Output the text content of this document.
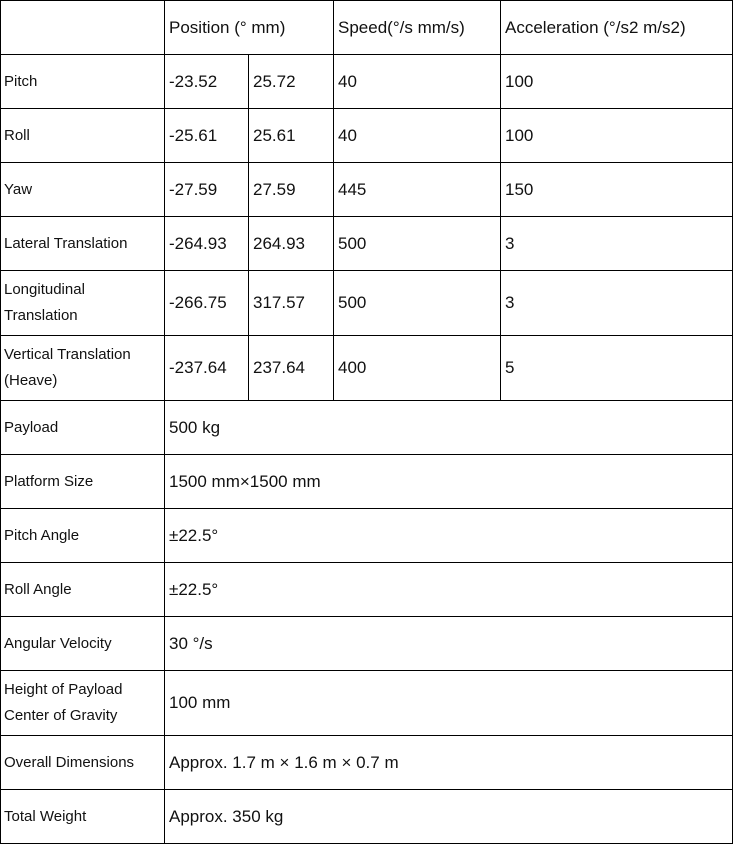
	Position (° mm)		Speed(°/s mm/s)	Acceleration (°/s2 m/s2)
Pitch	-23.52	25.72	40	100
Roll	-25.61	25.61	40	100
Yaw	-27.59	27.59	445	150
Lateral Translation	-264.93	264.93	500	3
Longitudinal Translation	-266.75	317.57	500	3
Vertical Translation (Heave)	-237.64	237.64	400	5
Payload	500 kg			
Platform Size	1500 mm×1500 mm			
Pitch Angle	±22.5°			
Roll Angle	±22.5°			
Angular Velocity	30 °/s			
Height of Payload Center of Gravity	100 mm			
Overall Dimensions	Approx. 1.7 m × 1.6 m × 0.7 m			
Total Weight	Approx. 350 kg			
